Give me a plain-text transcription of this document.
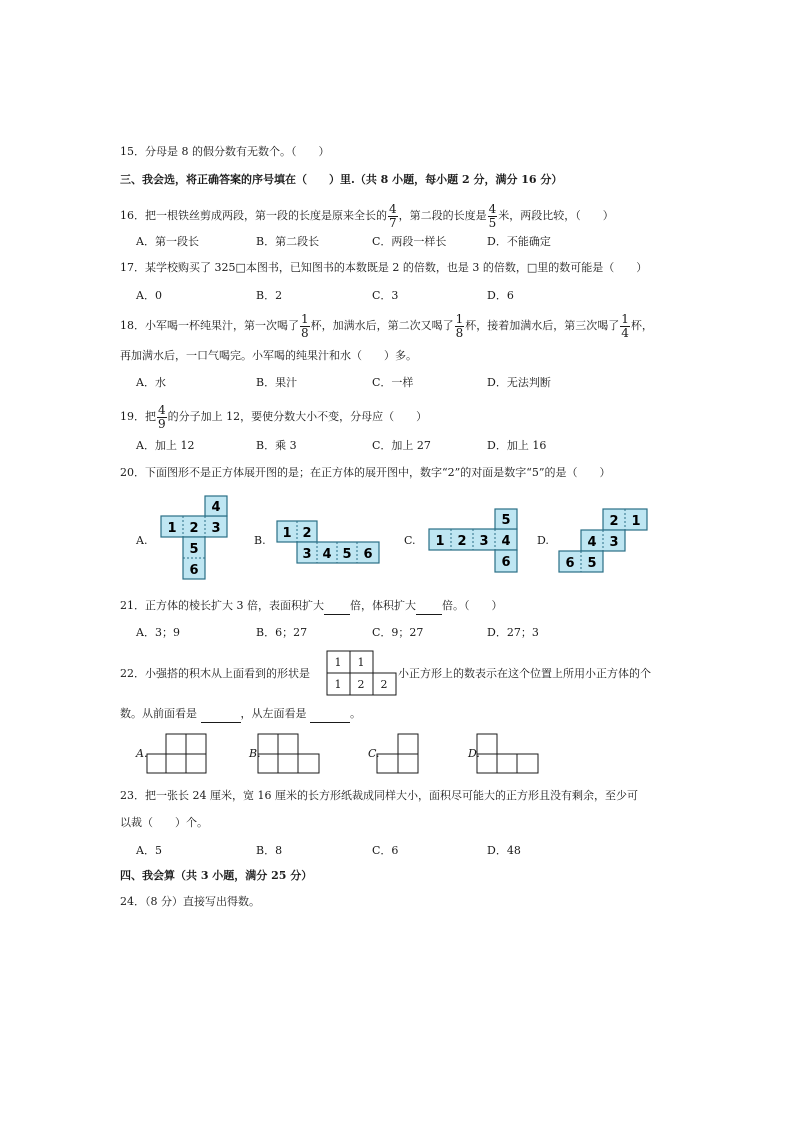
15．分母是 8 的假分数有无数个。（　　）
三、我会选，将正确答案的序号填在（　　）里.（共 8 小题，每小题 2 分，满分 16 分）
16．把一根铁丝剪成两段，第一段的长度是原来全长的 $\frac{4}{7}$ ，第二段的长度是 $\frac{4}{5}$ 米，两段比较，（　　）
A．第一段长	B．第二段长	C．两段一样长	D．不能确定
17．某学校购买了 325□本图书，已知图书的本数既是 2 的倍数，也是 3 的倍数，□里的数可能是（　　）
A．0	B．2	C．3	D．6
18．小军喝一杯纯果汁，第一次喝了 $\frac{1}{8}$ 杯，加满水后，第二次又喝了 $\frac{1}{8}$ 杯，接着加满水后，第三次喝了 $\frac{1}{4}$ 杯，
再加满水后，一口气喝完。小军喝的纯果汁和水（　　）多。
A．水	B．果汁	C．一样	D．无法判断
19．把 $\frac{4}{9}$ 的分子加上 12，要使分数大小不变，分母应（　　）
A．加上 12	B．乘 3	C．加上 27	D．加上 16
20．下面图形不是正方体展开图的是；在正方体的展开图中，数字“2”的对面是数字“5”的是（　　）
A.	B.	C.	D.
1 2 3
4
5
6
1 2
3 4 5 6
1 2 3 4
5
6
2 1
4 3
6 5
21．正方体的棱长扩大 3 倍，表面积扩大 倍，体积扩大 倍。（　　）
A．3；9	B．6；27	C．9；27	D．27；3
22．小强搭的积木从上面看到的形状是
1 1
1 2 2
小正方形上的数表示在这个位置上所用小正方体的个
数。从前面看是	，从左面看是	。
A.	B.	C.	D.
23．把一张长 24 厘米，宽 16 厘米的长方形纸裁成同样大小，面积尽可能大的正方形且没有剩余，至少可
以裁（　　）个。
A．5	B．8	C．6	D．48
四、我会算（共 3 小题，满分 25 分）
24．（8 分）直接写出得数。
